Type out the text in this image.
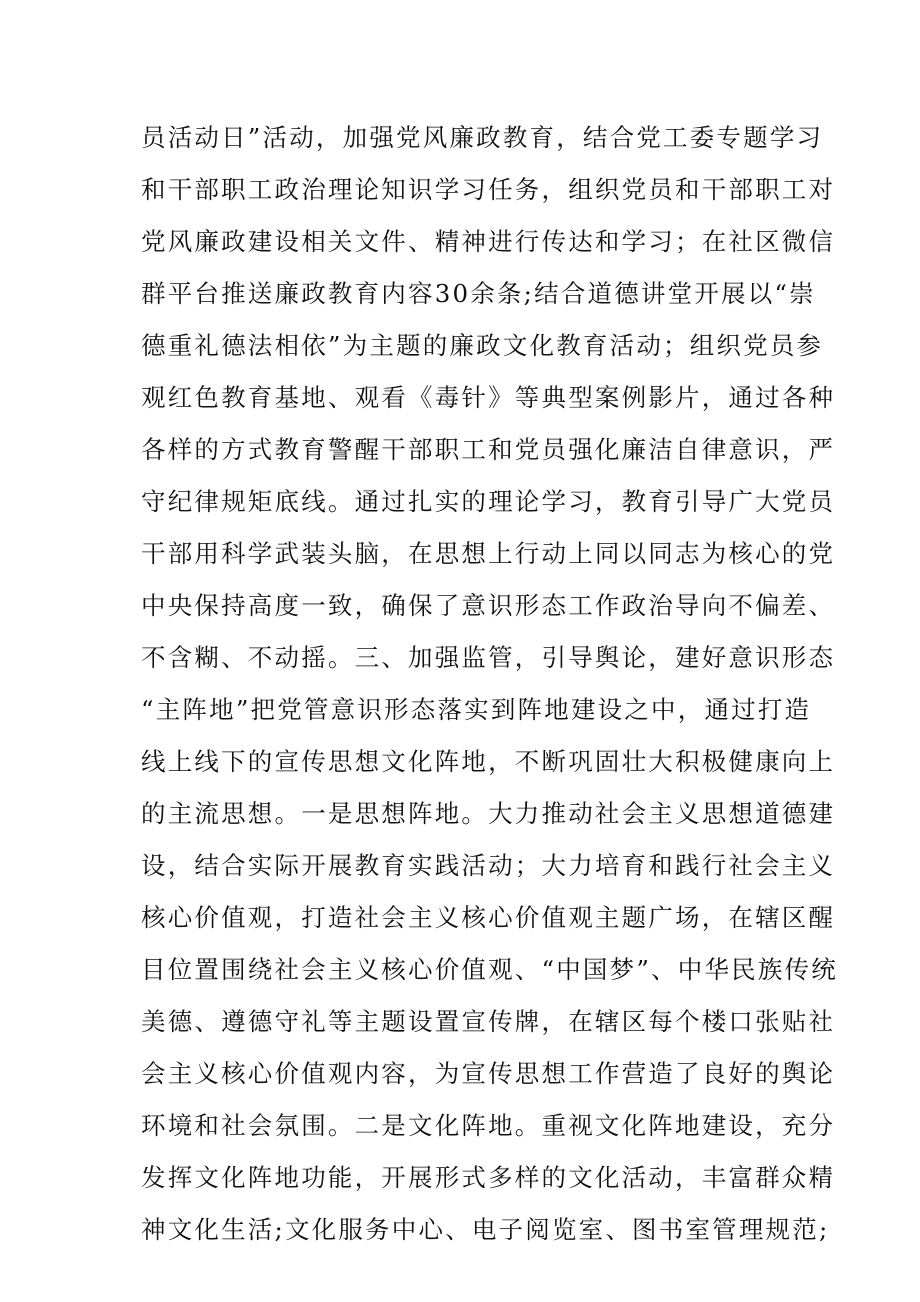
员活动日”活动，加强党风廉政教育，结合党工委专题学习
和干部职工政治理论知识学习任务，组织党员和干部职工对
党风廉政建设相关文件、精神进行传达和学习；在社区微信
群平台推送廉政教育内容30余条;结合道德讲堂开展以“崇
德重礼德法相依”为主题的廉政文化教育活动；组织党员参
观红色教育基地、观看《毒针》等典型案例影片，通过各种
各样的方式教育警醒干部职工和党员强化廉洁自律意识，严
守纪律规矩底线。通过扎实的理论学习，教育引导广大党员
干部用科学武装头脑，在思想上行动上同以同志为核心的党
中央保持高度一致，确保了意识形态工作政治导向不偏差、
不含糊、不动摇。三、加强监管，引导舆论，建好意识形态
“主阵地”把党管意识形态落实到阵地建设之中，通过打造
线上线下的宣传思想文化阵地，不断巩固壮大积极健康向上
的主流思想。一是思想阵地。大力推动社会主义思想道德建
设，结合实际开展教育实践活动；大力培育和践行社会主义
核心价值观，打造社会主义核心价值观主题广场，在辖区醒
目位置围绕社会主义核心价值观、“中国梦”、中华民族传统
美德、遵德守礼等主题设置宣传牌，在辖区每个楼口张贴社
会主义核心价值观内容，为宣传思想工作营造了良好的舆论
环境和社会氛围。二是文化阵地。重视文化阵地建设，充分
发挥文化阵地功能，开展形式多样的文化活动，丰富群众精
神文化生活;文化服务中心、电子阅览室、图书室管理规范;
